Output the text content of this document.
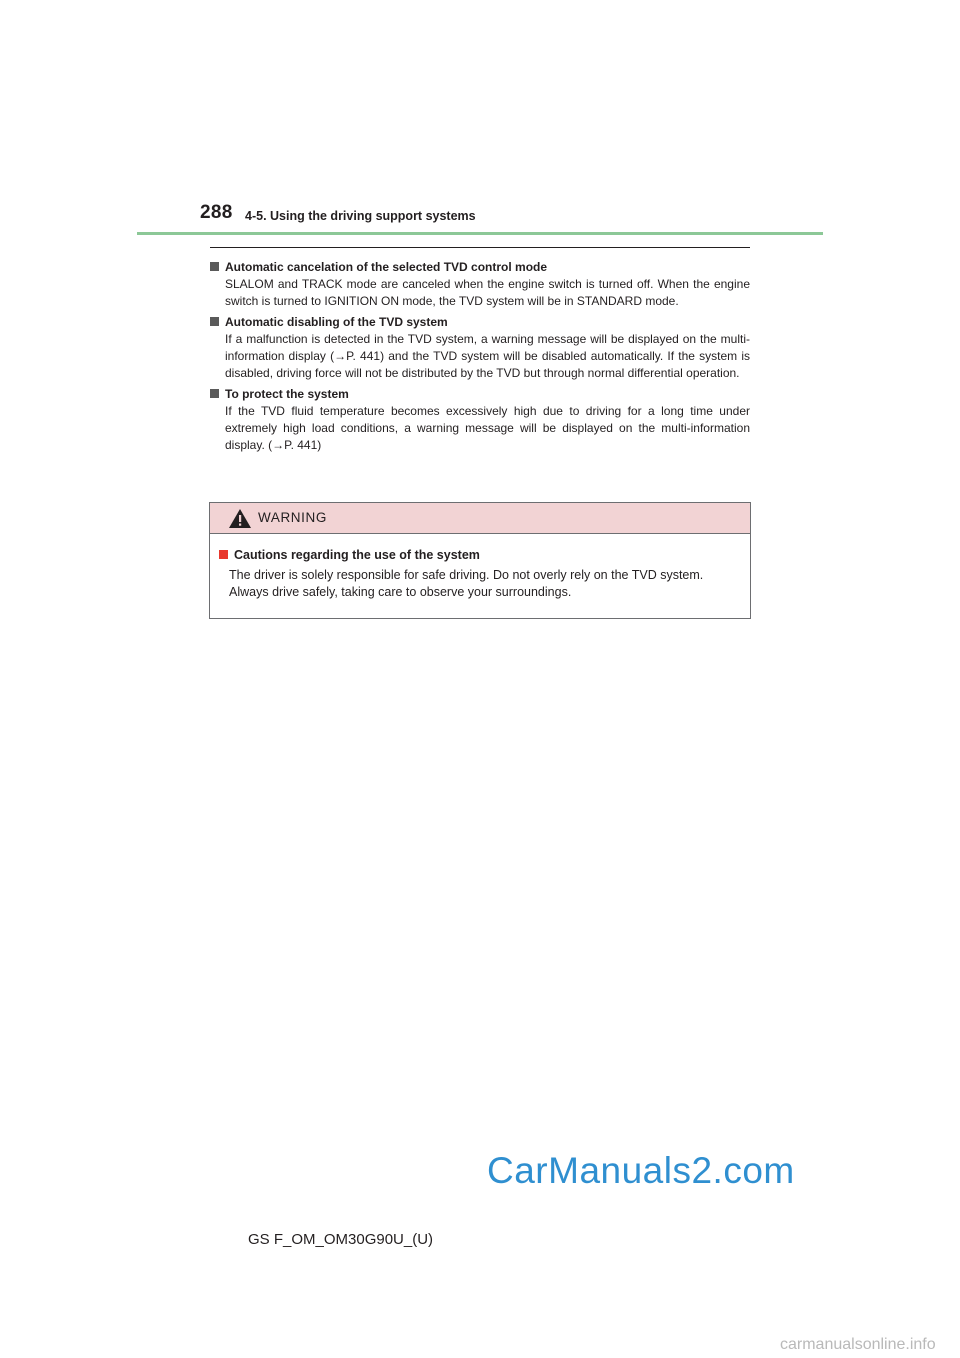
288 4-5. Using the driving support systems

Automatic cancelation of the selected TVD control mode

SLALOM and TRACK mode are canceled when the engine switch is turned off. When the engine switch is turned to IGNITION ON mode, the TVD system will be in STANDARD mode.

Automatic disabling of the TVD system

If a malfunction is detected in the TVD system, a warning message will be displayed on the multi-information display (→P. 441) and the TVD system will be disabled automatically. If the system is disabled, driving force will not be distributed by the TVD but through normal differential operation.

To protect the system

If the TVD fluid temperature becomes excessively high due to driving for a long time under extremely high load conditions, a warning message will be displayed on the multi-information display. (→P. 441)

WARNING

Cautions regarding the use of the system

The driver is solely responsible for safe driving. Do not overly rely on the TVD system. Always drive safely, taking care to observe your surroundings.

CarManuals2.com
GS F_OM_OM30G90U_(U)
carmanualsonline.info
